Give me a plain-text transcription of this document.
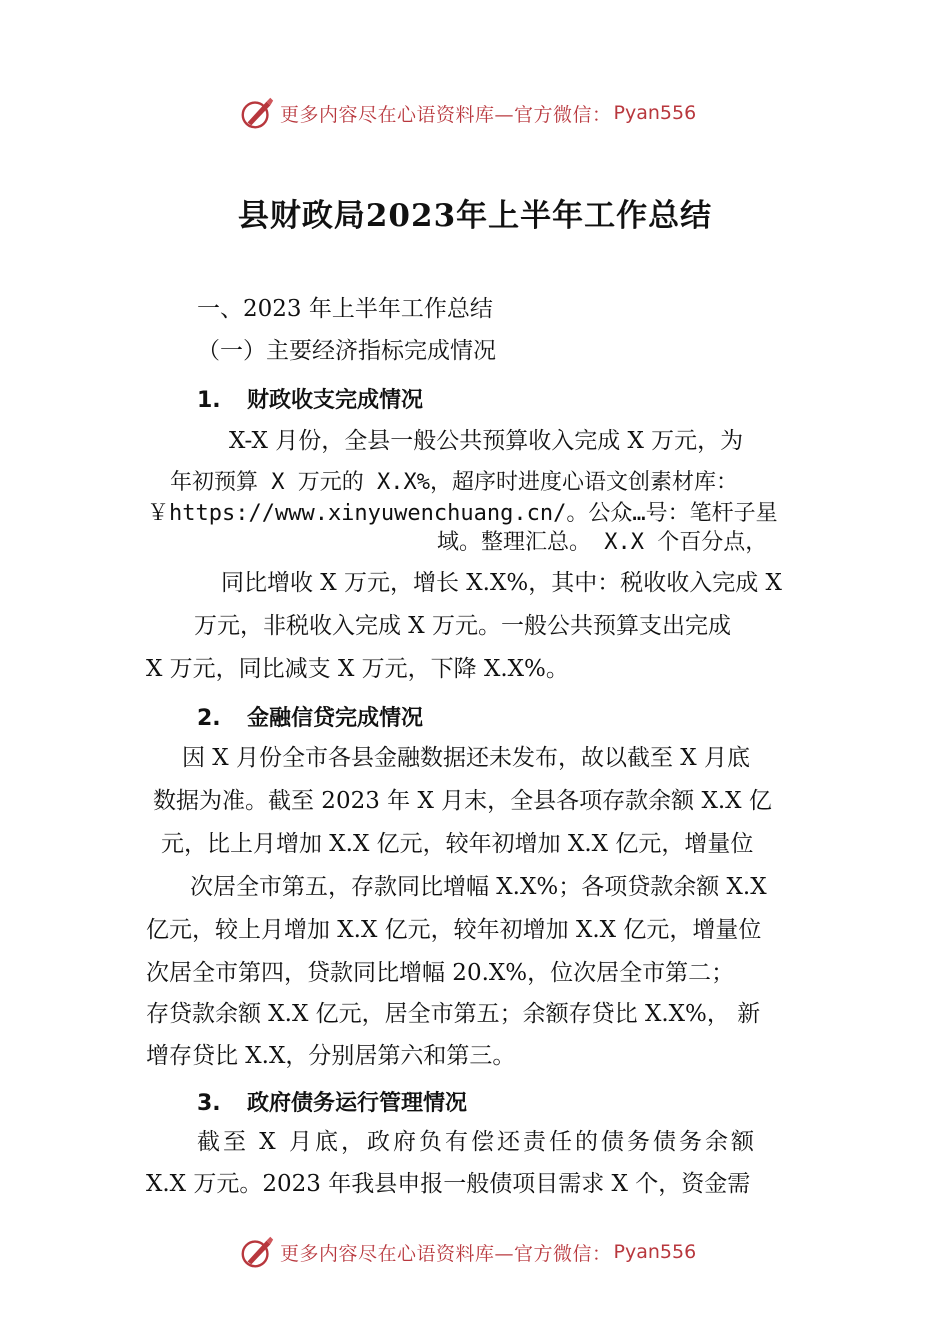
更多内容尽在心语资料库—官方微信： Pyan556
县财政局2023年上半年工作总结
一、2023 年上半年工作总结
（一）主要经济指标完成情况
1. 财政收支完成情况
X-X 月份，全县一般公共预算收入完成 X 万元，为
年初预算 X 万元的 X.X%，超序时进度心语文创素材库：
￥https://www.xinyuwenchuang.cn/。公众…号：笔杆子星
域。整理汇总。 X.X 个百分点，
同比增收 X 万元，增长 X.X%，其中：税收收入完成 X
万元，非税收入完成 X 万元。一般公共预算支出完成
X 万元，同比减支 X 万元，下降 X.X%。
2. 金融信贷完成情况
因 X 月份全市各县金融数据还未发布，故以截至 X 月底
数据为准。截至 2023 年 X 月末，全县各项存款余额 X.X 亿
元，比上月增加 X.X 亿元，较年初增加 X.X 亿元，增量位
次居全市第五，存款同比增幅 X.X%；各项贷款余额 X.X
亿元，较上月增加 X.X 亿元，较年初增加 X.X 亿元，增量位
次居全市第四，贷款同比增幅 20.X%，位次居全市第二；
存贷款余额 X.X 亿元，居全市第五；余额存贷比 X.X%， 新
增存贷比 X.X，分别居第六和第三。
3. 政府债务运行管理情况
截至 X 月底，政府负有偿还责任的债务债务余额
X.X 万元。2023 年我县申报一般债项目需求 X 个，资金需
更多内容尽在心语资料库—官方微信： Pyan556
